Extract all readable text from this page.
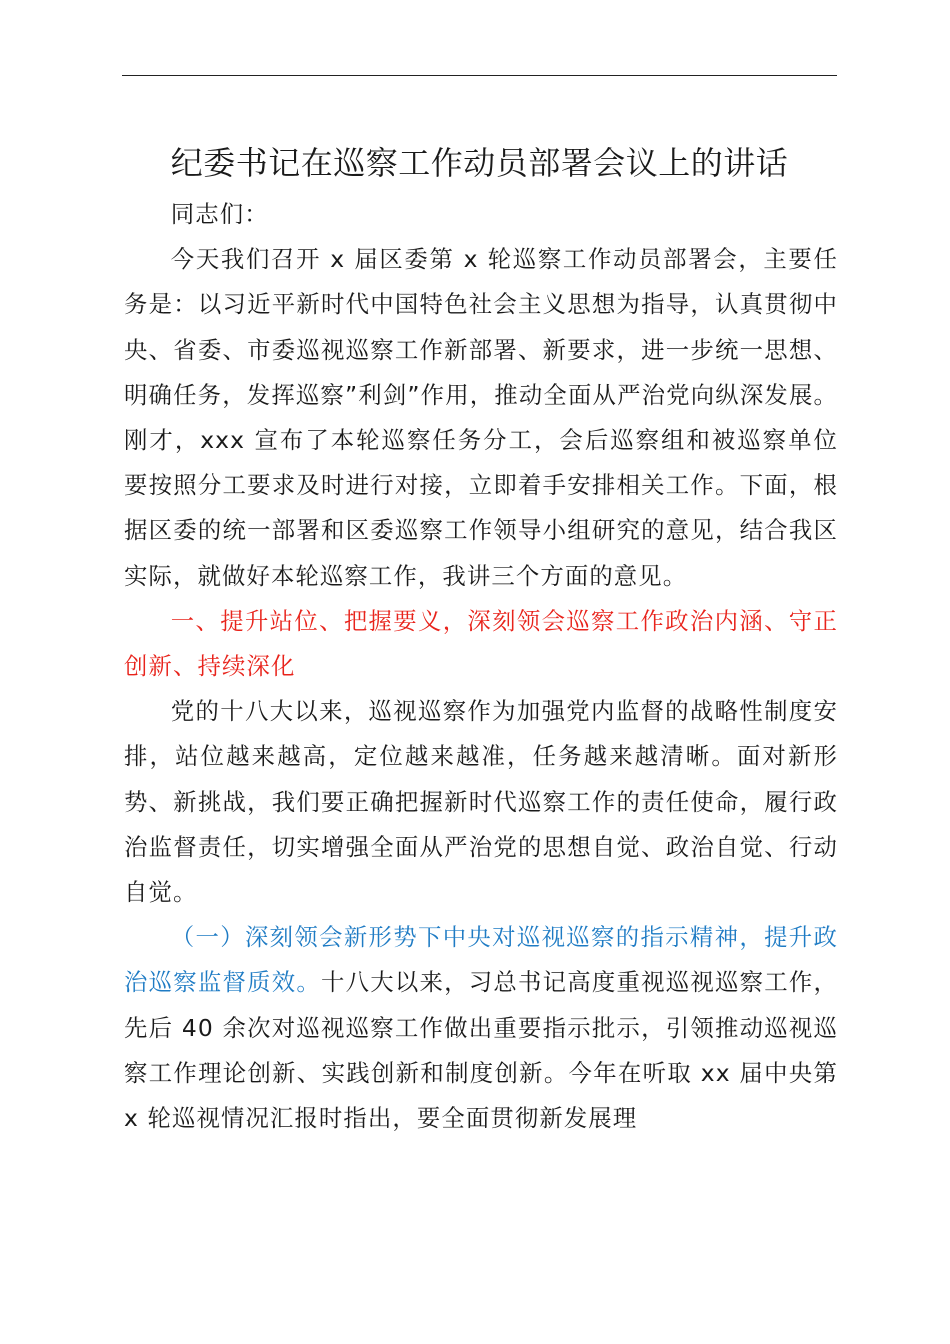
纪委书记在巡察工作动员部署会议上的讲话

同志们：

今天我们召开 x 届区委第 x 轮巡察工作动员部署会，主要任务是：以习近平新时代中国特色社会主义思想为指导，认真贯彻中央、省委、市委巡视巡察工作新部署、新要求，进一步统一思想、明确任务，发挥巡察”利剑”作用，推动全面从严治党向纵深发展。刚才，xxx 宣布了本轮巡察任务分工，会后巡察组和被巡察单位要按照分工要求及时进行对接，立即着手安排相关工作。下面，根据区委的统一部署和区委巡察工作领导小组研究的意见，结合我区实际，就做好本轮巡察工作，我讲三个方面的意见。

一、提升站位、把握要义，深刻领会巡察工作政治内涵、守正创新、持续深化

党的十八大以来，巡视巡察作为加强党内监督的战略性制度安排，站位越来越高，定位越来越准，任务越来越清晰。面对新形势、新挑战，我们要正确把握新时代巡察工作的责任使命，履行政治监督责任，切实增强全面从严治党的思想自觉、政治自觉、行动自觉。

（一）深刻领会新形势下中央对巡视巡察的指示精神，提升政治巡察监督质效。十八大以来，习总书记高度重视巡视巡察工作，先后 40 余次对巡视巡察工作做出重要指示批示，引领推动巡视巡察工作理论创新、实践创新和制度创新。今年在听取 xx 届中央第 x 轮巡视情况汇报时指出，要全面贯彻新发展理
